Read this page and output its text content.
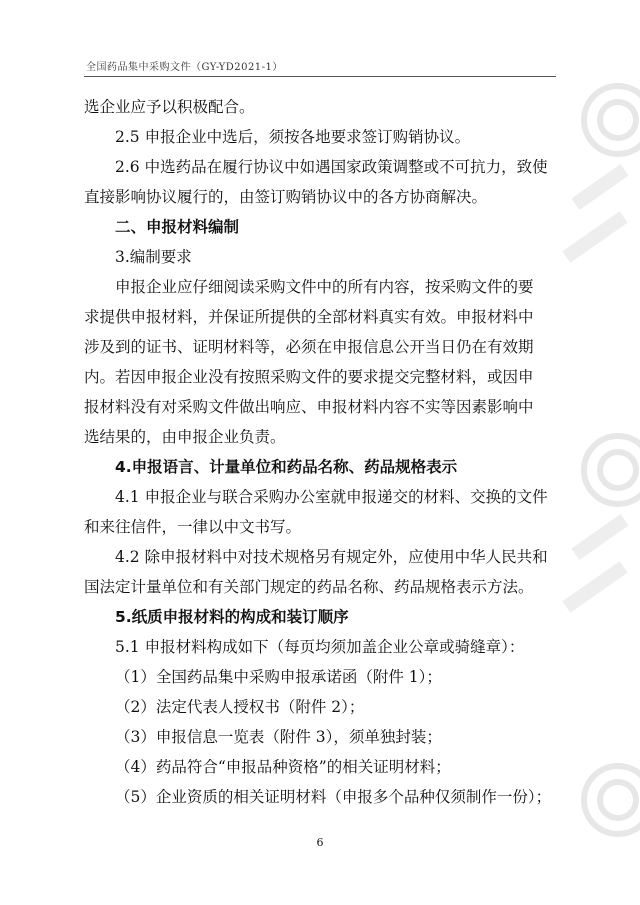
全国药品集中采购文件（GY-YD2021-1）
选企业应予以积极配合。
2.5 申报企业中选后，须按各地要求签订购销协议。
2.6 中选药品在履行协议中如遇国家政策调整或不可抗力，致使
直接影响协议履行的，由签订购销协议中的各方协商解决。
二、申报材料编制
3.编制要求
申报企业应仔细阅读采购文件中的所有内容，按采购文件的要
求提供申报材料，并保证所提供的全部材料真实有效。申报材料中
涉及到的证书、证明材料等，必须在申报信息公开当日仍在有效期
内。若因申报企业没有按照采购文件的要求提交完整材料，或因申
报材料没有对采购文件做出响应、申报材料内容不实等因素影响中
选结果的，由申报企业负责。
4.申报语言、计量单位和药品名称、药品规格表示
4.1 申报企业与联合采购办公室就申报递交的材料、交换的文件
和来往信件，一律以中文书写。
4.2 除申报材料中对技术规格另有规定外，应使用中华人民共和
国法定计量单位和有关部门规定的药品名称、药品规格表示方法。
5.纸质申报材料的构成和装订顺序
5.1 申报材料构成如下（每页均须加盖企业公章或骑缝章）：
（1）全国药品集中采购申报承诺函（附件 1）；
（2）法定代表人授权书（附件 2）；
（3）申报信息一览表（附件 3），须单独封装；
（4）药品符合“申报品种资格”的相关证明材料；
（5）企业资质的相关证明材料（申报多个品种仅须制作一份）；
6
